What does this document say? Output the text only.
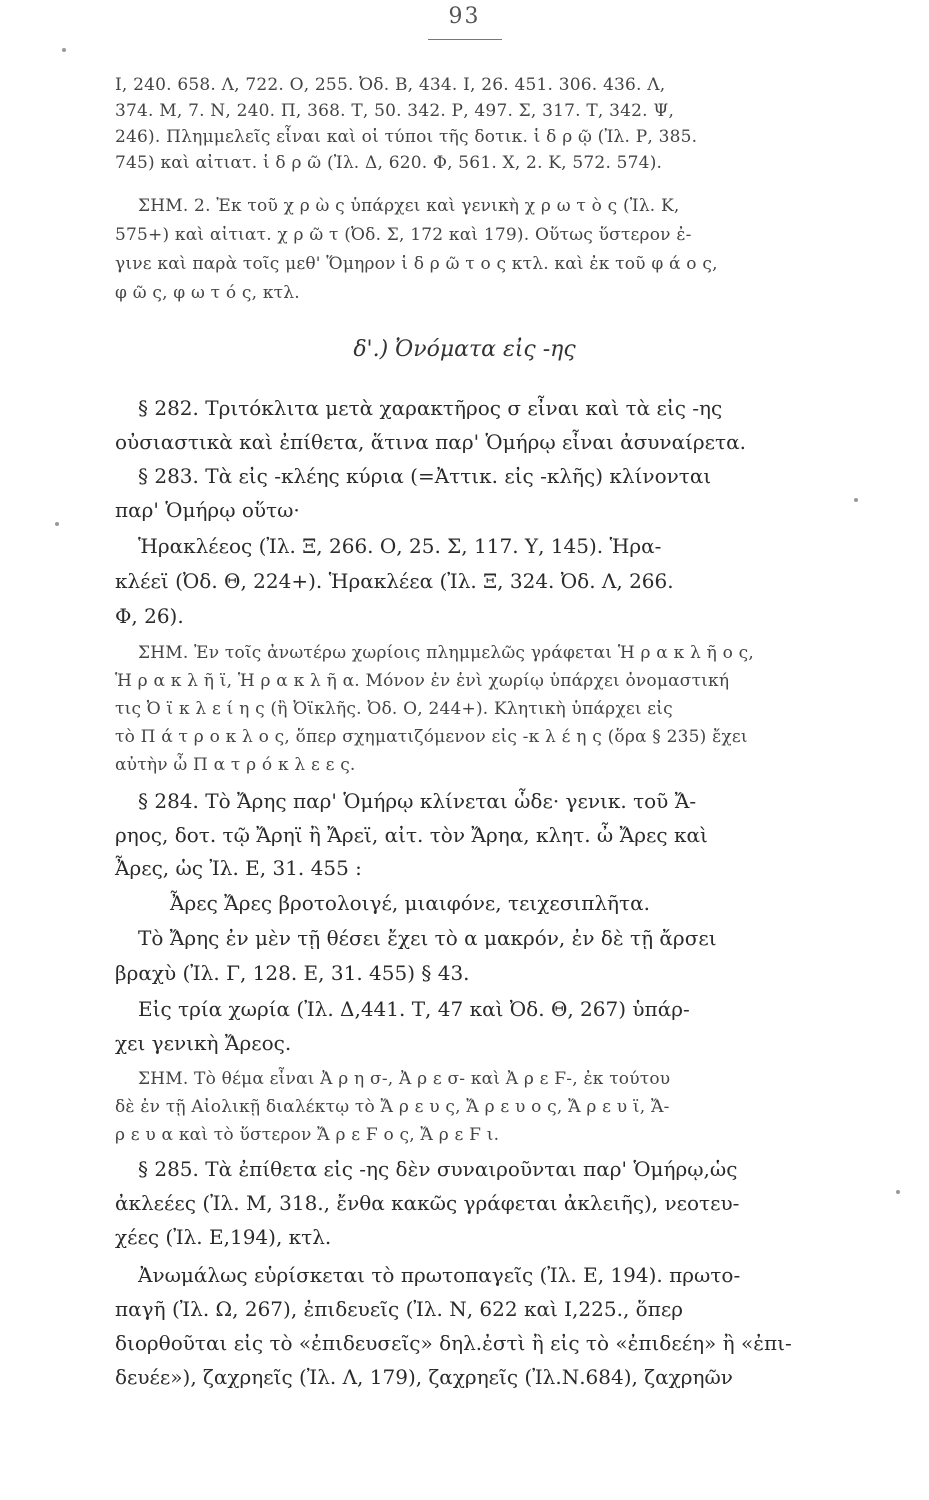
93
Ι, 240. 658. Λ, 722. Ο, 255. Ὀδ. Β, 434. Ι, 26. 451. 306. 436. Λ,
374. Μ, 7. Ν, 240. Π, 368. Τ, 50. 342. Ρ, 497. Σ, 317. Τ, 342. Ψ,
246). Πλημμελεῖς εἶναι καὶ οἱ τύποι τῆς δοτικ. ἱ δ ρ ῷ (Ἰλ. Ρ, 385.
745) καὶ αἰτιατ. ἱ δ ρ ῶ (Ἰλ. Δ, 620. Φ, 561. Χ, 2. Κ, 572. 574).
ΣΗΜ. 2. Ἐκ τοῦ χ ρ ὼ ς ὑπάρχει καὶ γενικὴ χ ρ ω τ ὸ ς (Ἰλ. Κ,
575+) καὶ αἰτιατ. χ ρ ῶ τ (Ὀδ. Σ, 172 καὶ 179). Οὕτως ὕστερον ἐ-
γινε καὶ παρὰ τοῖς μεθ' Ὅμηρον ἱ δ ρ ῶ τ ο ς κτλ. καὶ ἐκ τοῦ φ ά ο ς,
φ ῶ ς, φ ω τ ό ς, κτλ.
δ'.) Ὀνόματα εἰς -ης
§ 282. Τριτόκλιτα μετὰ χαρακτῆρος σ εἶναι καὶ τὰ εἰς -ης
οὐσιαστικὰ καὶ ἐπίθετα, ἅτινα παρ' Ὁμήρῳ εἶναι ἀσυναίρετα.
§ 283. Τὰ εἰς -κλέης κύρια (=Ἀττικ. εἰς -κλῆς) κλίνονται
παρ' Ὁμήρῳ οὕτω·
Ἡρακλέεος (Ἰλ. Ξ, 266. Ο, 25. Σ, 117. Υ, 145). Ἡρα-
κλέεϊ (Ὀδ. Θ, 224+). Ἡρακλέεα (Ἰλ. Ξ, 324. Ὀδ. Λ, 266.
Φ, 26).
ΣΗΜ. Ἐν τοῖς ἀνωτέρω χωρίοις πλημμελῶς γράφεται Ἡ ρ α κ λ ῆ ο ς,
Ἡ ρ α κ λ ῆ ϊ, Ἡ ρ α κ λ ῆ α. Μόνον ἐν ἑνὶ χωρίῳ ὑπάρχει ὀνομαστική
τις Ὀ ϊ κ λ ε ί η ς (ἢ Ὀϊκλῆς. Ὀδ. Ο, 244+). Κλητικὴ ὑπάρχει εἰς
τὸ Π ά τ ρ ο κ λ ο ς, ὅπερ σχηματιζόμενον εἰς -κ λ έ η ς (ὅρα § 235) ἔχει
αὐτὴν ὦ Π α τ ρ ό κ λ ε ε ς.
§ 284. Τὸ Ἄρης παρ' Ὁμήρῳ κλίνεται ὧδε· γενικ. τοῦ Ἄ-
ρηος, δοτ. τῷ Ἄρηϊ ἢ Ἄρεϊ, αἰτ. τὸν Ἄρηα, κλητ. ὦ Ἄρες καὶ
Ἆρες, ὡς Ἰλ. Ε, 31. 455 :
Ἆρες Ἄρες βροτολοιγέ, μιαιφόνε, τειχεσιπλῆτα.
Τὸ Ἄρης ἐν μὲν τῇ θέσει ἔχει τὸ α μακρόν, ἐν δὲ τῇ ἄρσει
βραχὺ (Ἰλ. Γ, 128. Ε, 31. 455) § 43.
Εἰς τρία χωρία (Ἰλ. Δ,441. Τ, 47 καὶ Ὀδ. Θ, 267) ὑπάρ-
χει γενικὴ Ἄρεος.
ΣΗΜ. Τὸ θέμα εἶναι Ἀ ρ η σ-, Ἀ ρ ε σ- καὶ Ἀ ρ ε Ϝ-, ἐκ τούτου
δὲ ἐν τῇ Αἰολικῇ διαλέκτῳ τὸ Ἄ ρ ε υ ς, Ἄ ρ ε υ ο ς, Ἄ ρ ε υ ϊ, Ἄ-
ρ ε υ α καὶ τὸ ὕστερον Ἄ ρ ε Ϝ ο ς, Ἄ ρ ε Ϝ ι.
§ 285. Τὰ ἐπίθετα εἰς -ης δὲν συναιροῦνται παρ' Ὁμήρῳ,ὡς
ἀκλεέες (Ἰλ. Μ, 318., ἔνθα κακῶς γράφεται ἀκλειῆς), νεοτευ-
χέες (Ἰλ. Ε,194), κτλ.
Ἀνωμάλως εὑρίσκεται τὸ πρωτοπαγεῖς (Ἰλ. Ε, 194). πρωτο-
παγῆ (Ἰλ. Ω, 267), ἐπιδευεῖς (Ἰλ. Ν, 622 καὶ Ι,225., ὅπερ
διορθοῦται εἰς τὸ «ἐπιδευσεῖς» δηλ.ἐστὶ ἢ εἰς τὸ «ἐπιδεέη» ἢ «ἐπι-
δευέε»), ζαχρηεῖς (Ἰλ. Λ, 179), ζαχρηεῖς (Ἰλ.Ν.684), ζαχρηῶν
